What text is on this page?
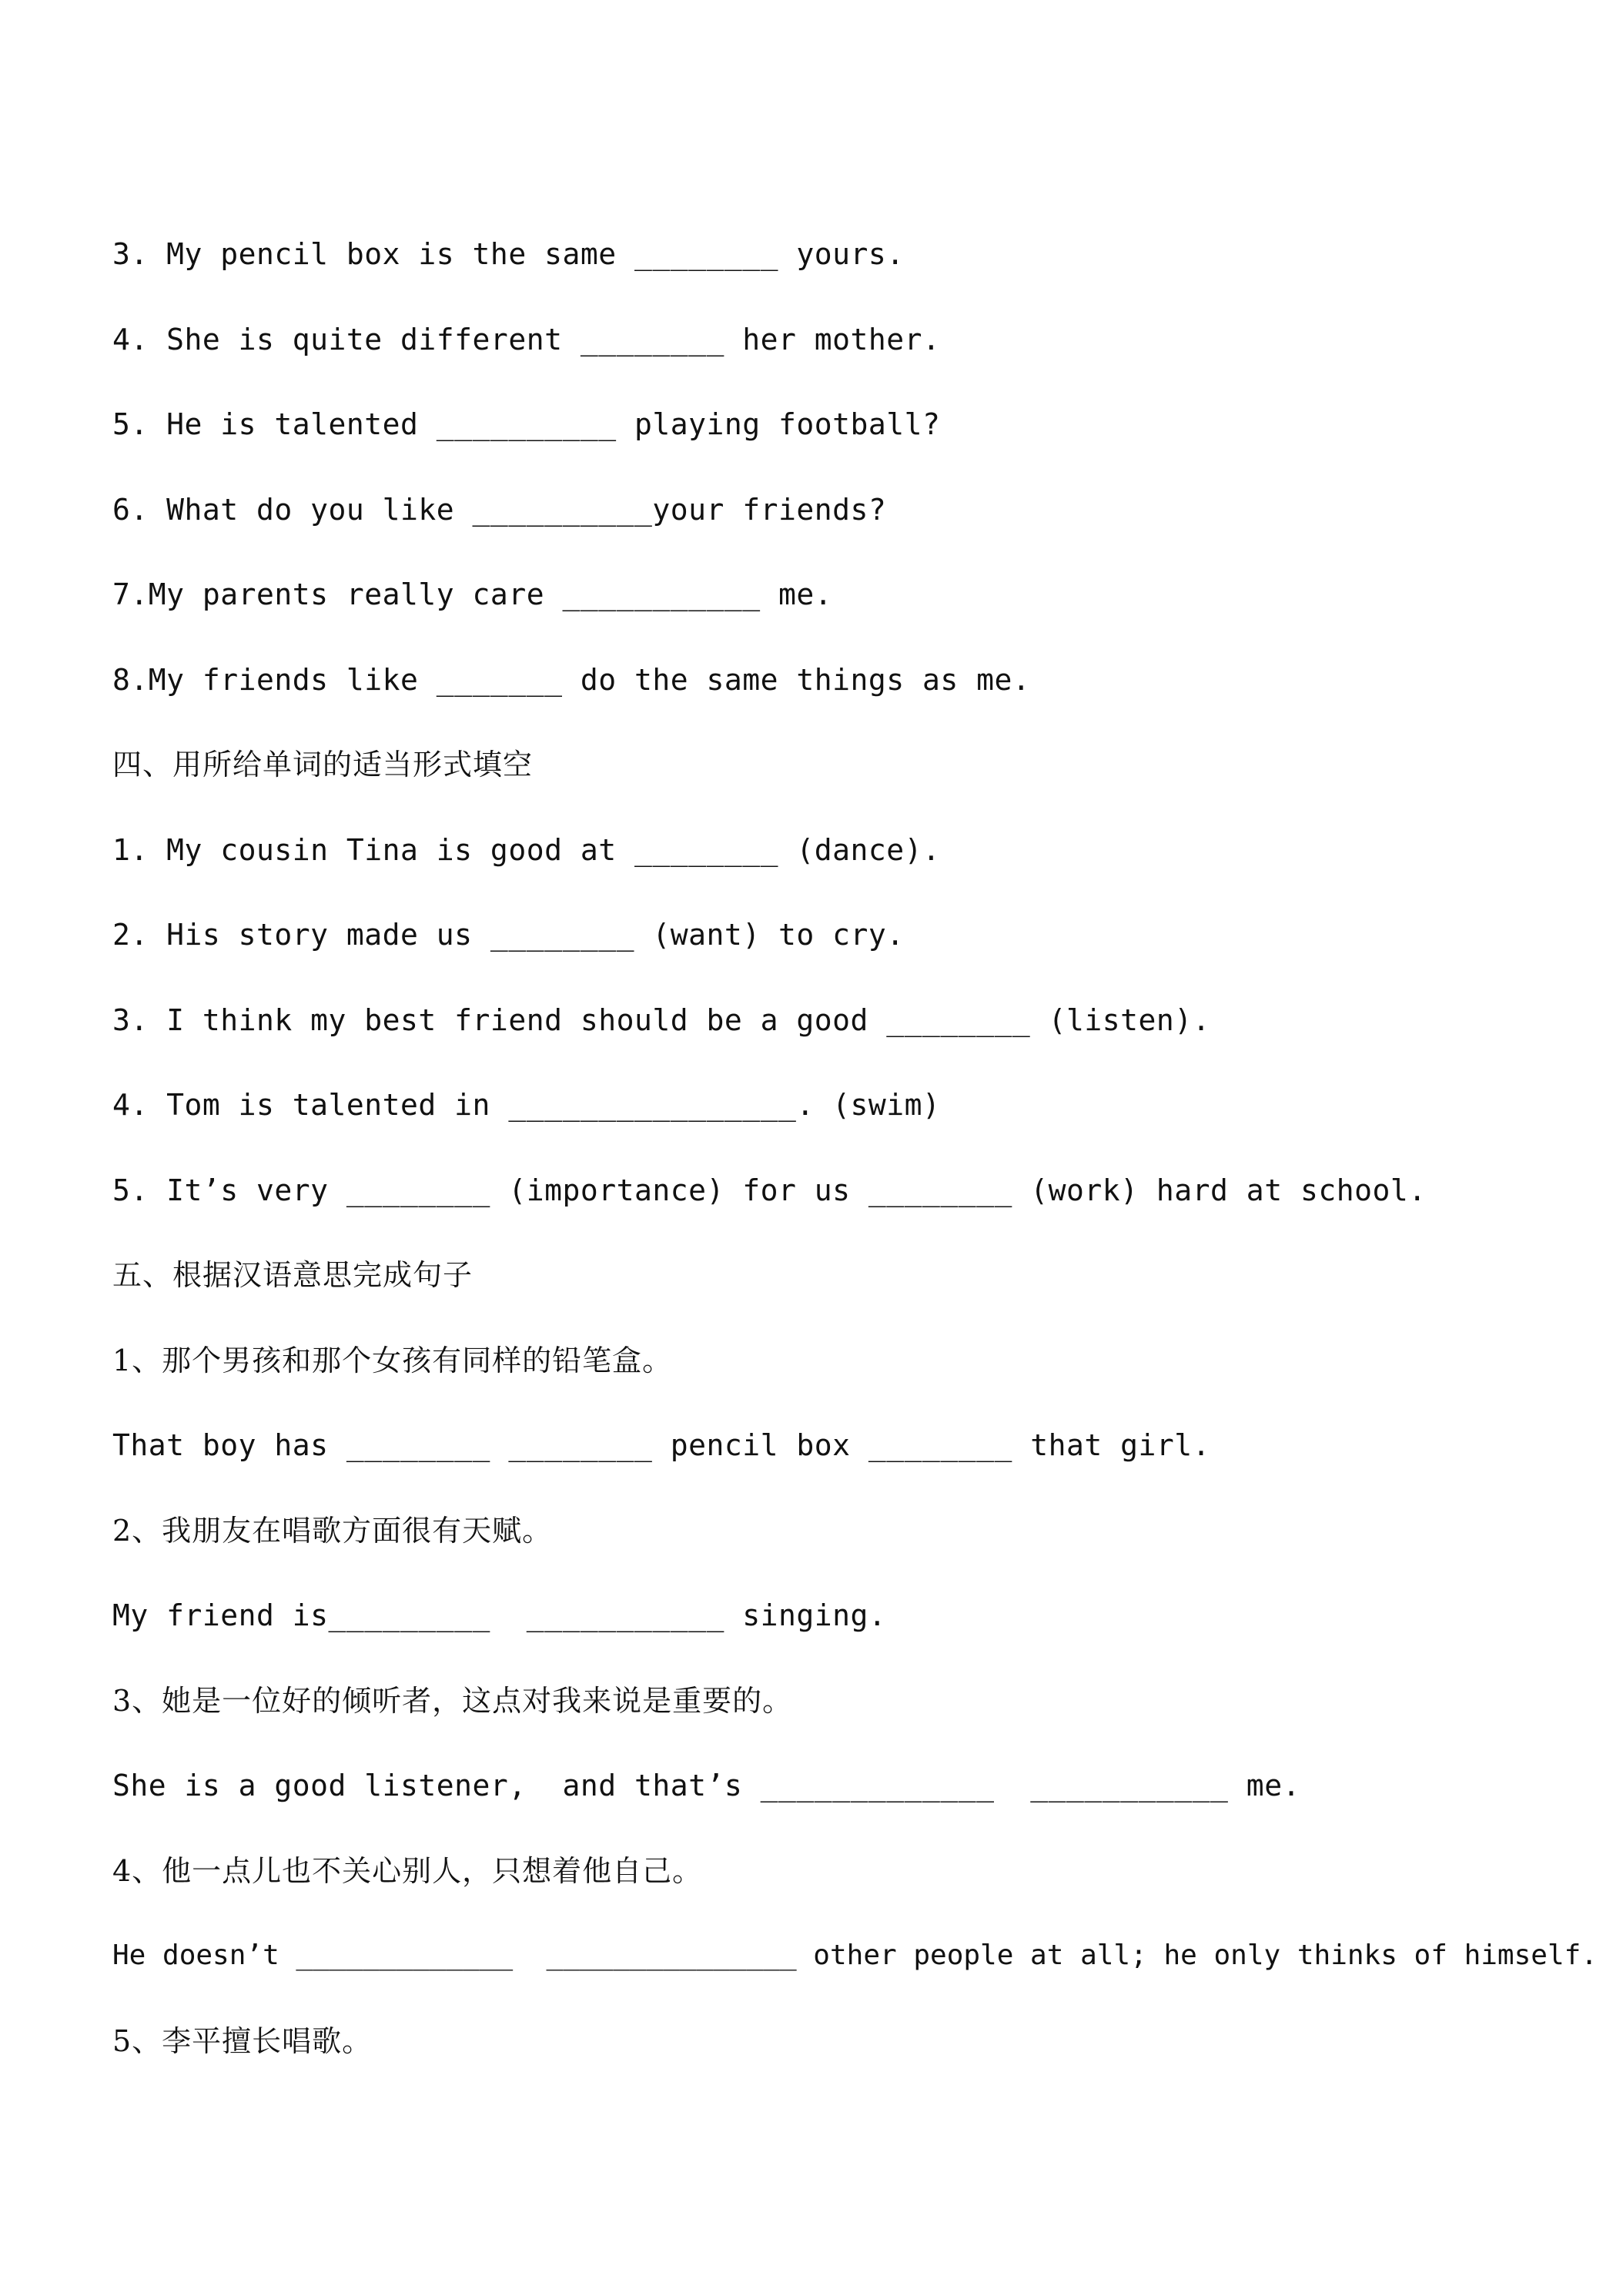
3. My pencil box is the same ________ yours.
4. She is quite different ________ her mother.
5. He is talented __________ playing football?
6. What do you like __________your friends?
7.My parents really care ___________ me.
8.My friends like _______ do the same things as me.
四、用所给单词的适当形式填空
1. My cousin Tina is good at ________ (dance).
2. His story made us ________ (want) to cry.
3. I think my best friend should be a good ________ (listen).
4. Tom is talented in ________________. (swim)
5. It’s very ________ (importance) for us ________ (work) hard at school.
五、根据汉语意思完成句子
1、那个男孩和那个女孩有同样的铅笔盒。
That boy has ________ ________ pencil box ________ that girl.
2、我朋友在唱歌方面很有天赋。
My friend is_________  ___________ singing.
3、她是一位好的倾听者，这点对我来说是重要的。
She is a good listener,  and that’s _____________  ___________ me.
4、他一点儿也不关心别人，只想着他自己。
He doesn’t _____________  _______________ other people at all; he only thinks of himself.
5、李平擅长唱歌。
